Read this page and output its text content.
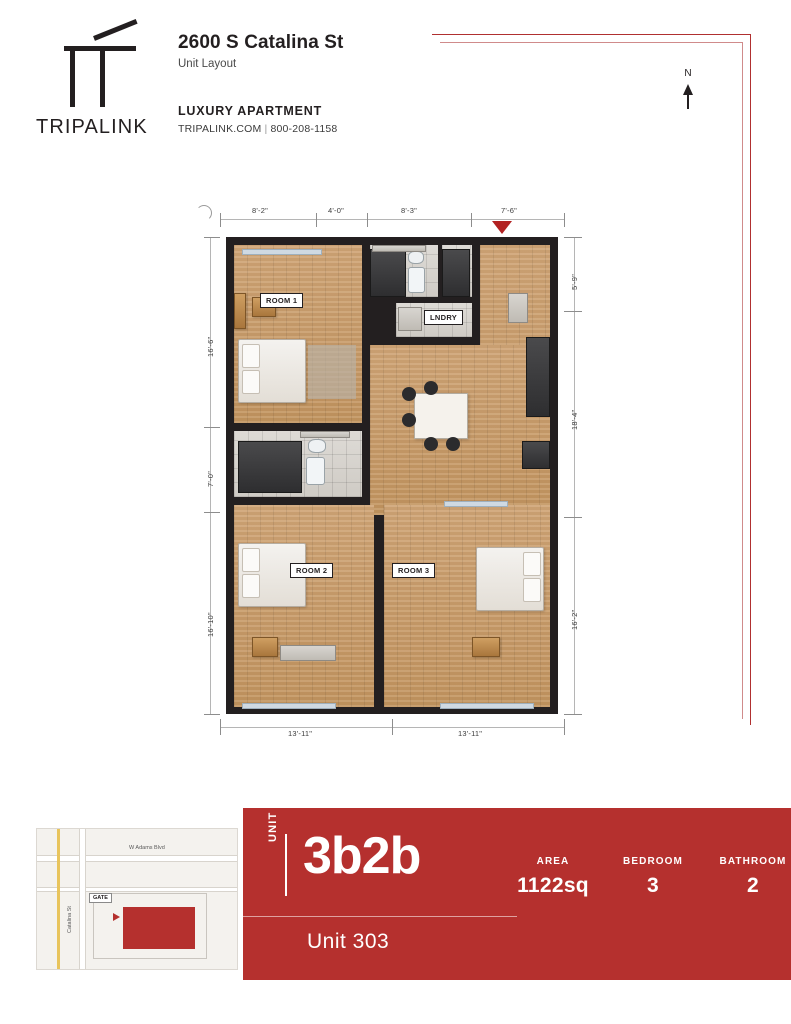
TRIPALINK
2600 S Catalina St
Unit Layout
LUXURY APARTMENT
TRIPALINK.COM | 800-208-1158
N
8'-2"	4'-0"	8'-3"	7'-6"
16'-6"
7'-0"
16'-10"
5'-9"
18'-4"
16'-2"
13'-11"	13'-11"
ROOM 1
LNDRY
ROOM 2	ROOM 3
W Adams Blvd
Catalina St
GATE
UNIT TYPE
3b2b
Unit 303
AREA
1122sq
BEDROOM
3
BATHROOM
2
